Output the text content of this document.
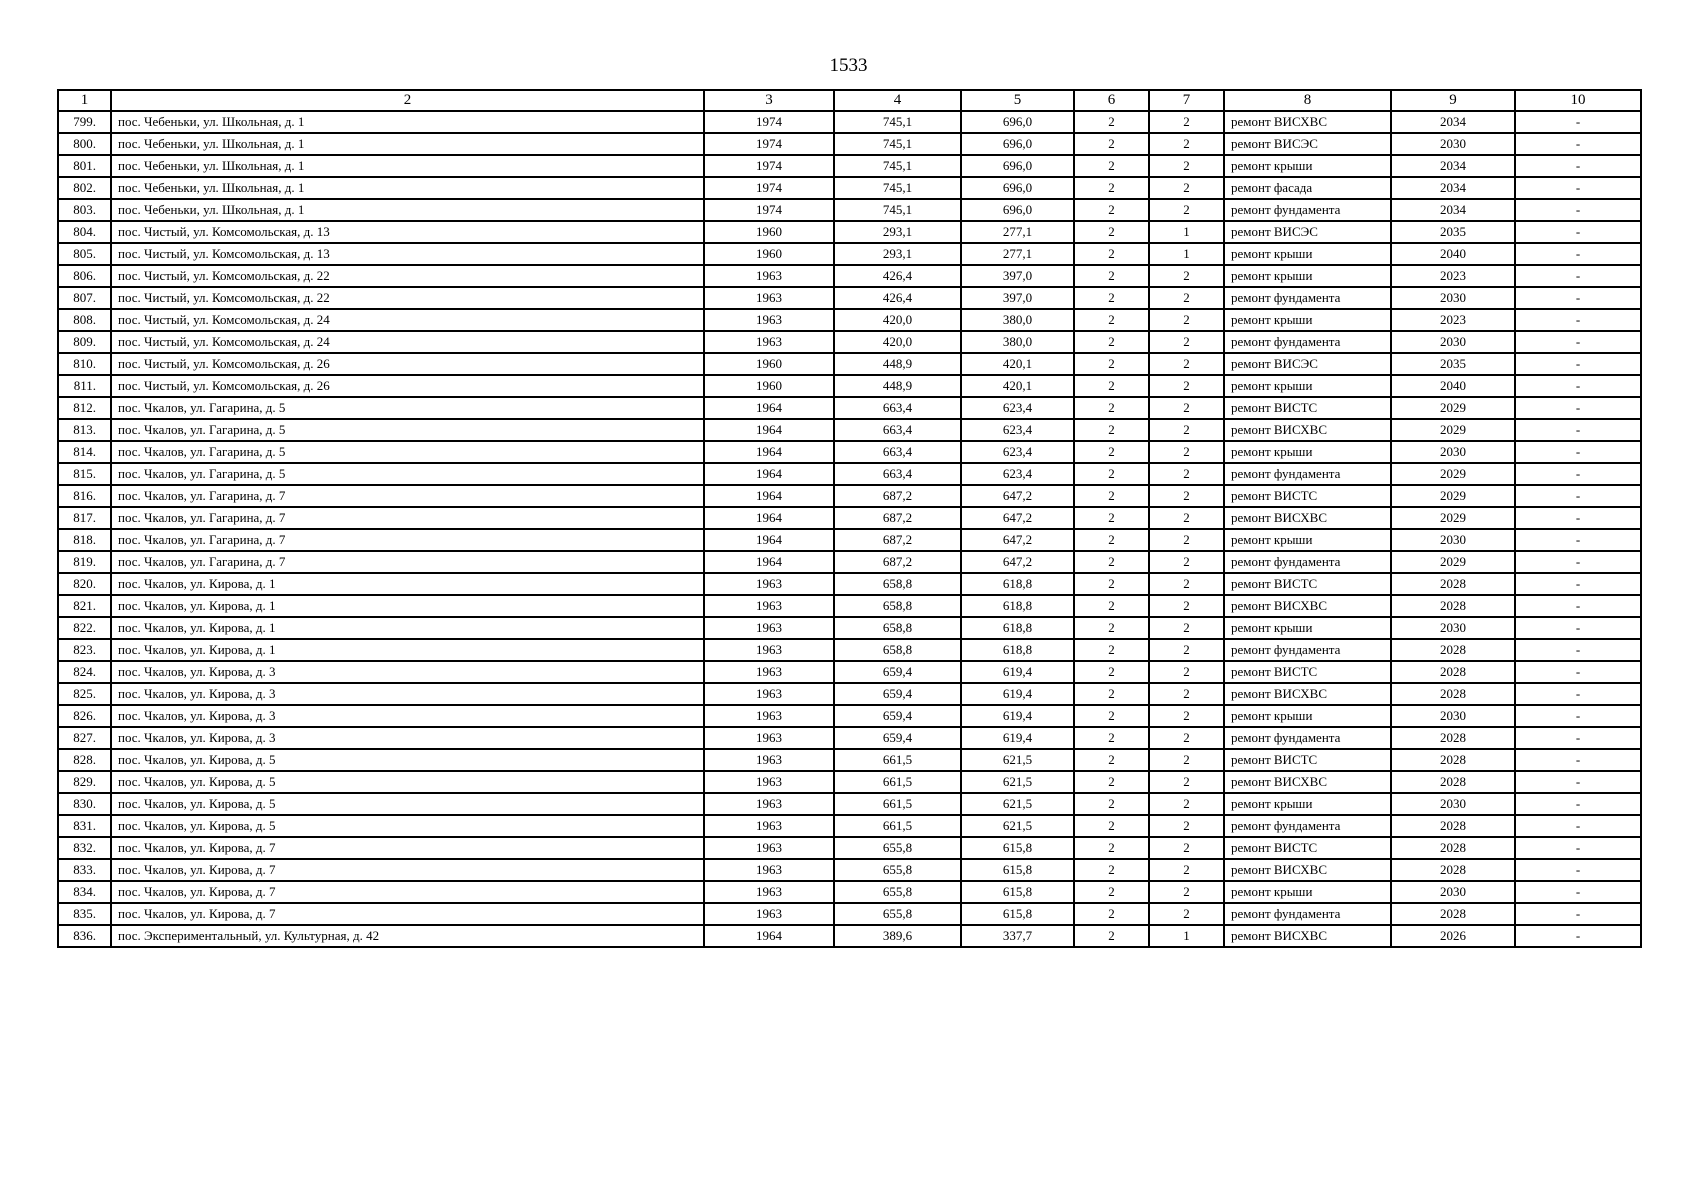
1533
1	2	3	4	5	6	7	8	9	10
799.	пос. Чебеньки, ул. Школьная, д. 1	1974	745,1	696,0	2	2	ремонт ВИСХВС	2034	-
800.	пос. Чебеньки, ул. Школьная, д. 1	1974	745,1	696,0	2	2	ремонт ВИСЭС	2030	-
801.	пос. Чебеньки, ул. Школьная, д. 1	1974	745,1	696,0	2	2	ремонт крыши	2034	-
802.	пос. Чебеньки, ул. Школьная, д. 1	1974	745,1	696,0	2	2	ремонт фасада	2034	-
803.	пос. Чебеньки, ул. Школьная, д. 1	1974	745,1	696,0	2	2	ремонт фундамента	2034	-
804.	пос. Чистый, ул. Комсомольская, д. 13	1960	293,1	277,1	2	1	ремонт ВИСЭС	2035	-
805.	пос. Чистый, ул. Комсомольская, д. 13	1960	293,1	277,1	2	1	ремонт крыши	2040	-
806.	пос. Чистый, ул. Комсомольская, д. 22	1963	426,4	397,0	2	2	ремонт крыши	2023	-
807.	пос. Чистый, ул. Комсомольская, д. 22	1963	426,4	397,0	2	2	ремонт фундамента	2030	-
808.	пос. Чистый, ул. Комсомольская, д. 24	1963	420,0	380,0	2	2	ремонт крыши	2023	-
809.	пос. Чистый, ул. Комсомольская, д. 24	1963	420,0	380,0	2	2	ремонт фундамента	2030	-
810.	пос. Чистый, ул. Комсомольская, д. 26	1960	448,9	420,1	2	2	ремонт ВИСЭС	2035	-
811.	пос. Чистый, ул. Комсомольская, д. 26	1960	448,9	420,1	2	2	ремонт крыши	2040	-
812.	пос. Чкалов, ул. Гагарина, д. 5	1964	663,4	623,4	2	2	ремонт ВИСТС	2029	-
813.	пос. Чкалов, ул. Гагарина, д. 5	1964	663,4	623,4	2	2	ремонт ВИСХВС	2029	-
814.	пос. Чкалов, ул. Гагарина, д. 5	1964	663,4	623,4	2	2	ремонт крыши	2030	-
815.	пос. Чкалов, ул. Гагарина, д. 5	1964	663,4	623,4	2	2	ремонт фундамента	2029	-
816.	пос. Чкалов, ул. Гагарина, д. 7	1964	687,2	647,2	2	2	ремонт ВИСТС	2029	-
817.	пос. Чкалов, ул. Гагарина, д. 7	1964	687,2	647,2	2	2	ремонт ВИСХВС	2029	-
818.	пос. Чкалов, ул. Гагарина, д. 7	1964	687,2	647,2	2	2	ремонт крыши	2030	-
819.	пос. Чкалов, ул. Гагарина, д. 7	1964	687,2	647,2	2	2	ремонт фундамента	2029	-
820.	пос. Чкалов, ул. Кирова, д. 1	1963	658,8	618,8	2	2	ремонт ВИСТС	2028	-
821.	пос. Чкалов, ул. Кирова, д. 1	1963	658,8	618,8	2	2	ремонт ВИСХВС	2028	-
822.	пос. Чкалов, ул. Кирова, д. 1	1963	658,8	618,8	2	2	ремонт крыши	2030	-
823.	пос. Чкалов, ул. Кирова, д. 1	1963	658,8	618,8	2	2	ремонт фундамента	2028	-
824.	пос. Чкалов, ул. Кирова, д. 3	1963	659,4	619,4	2	2	ремонт ВИСТС	2028	-
825.	пос. Чкалов, ул. Кирова, д. 3	1963	659,4	619,4	2	2	ремонт ВИСХВС	2028	-
826.	пос. Чкалов, ул. Кирова, д. 3	1963	659,4	619,4	2	2	ремонт крыши	2030	-
827.	пос. Чкалов, ул. Кирова, д. 3	1963	659,4	619,4	2	2	ремонт фундамента	2028	-
828.	пос. Чкалов, ул. Кирова, д. 5	1963	661,5	621,5	2	2	ремонт ВИСТС	2028	-
829.	пос. Чкалов, ул. Кирова, д. 5	1963	661,5	621,5	2	2	ремонт ВИСХВС	2028	-
830.	пос. Чкалов, ул. Кирова, д. 5	1963	661,5	621,5	2	2	ремонт крыши	2030	-
831.	пос. Чкалов, ул. Кирова, д. 5	1963	661,5	621,5	2	2	ремонт фундамента	2028	-
832.	пос. Чкалов, ул. Кирова, д. 7	1963	655,8	615,8	2	2	ремонт ВИСТС	2028	-
833.	пос. Чкалов, ул. Кирова, д. 7	1963	655,8	615,8	2	2	ремонт ВИСХВС	2028	-
834.	пос. Чкалов, ул. Кирова, д. 7	1963	655,8	615,8	2	2	ремонт крыши	2030	-
835.	пос. Чкалов, ул. Кирова, д. 7	1963	655,8	615,8	2	2	ремонт фундамента	2028	-
836.	пос. Экспериментальный, ул. Культурная, д. 42	1964	389,6	337,7	2	1	ремонт ВИСХВС	2026	-
